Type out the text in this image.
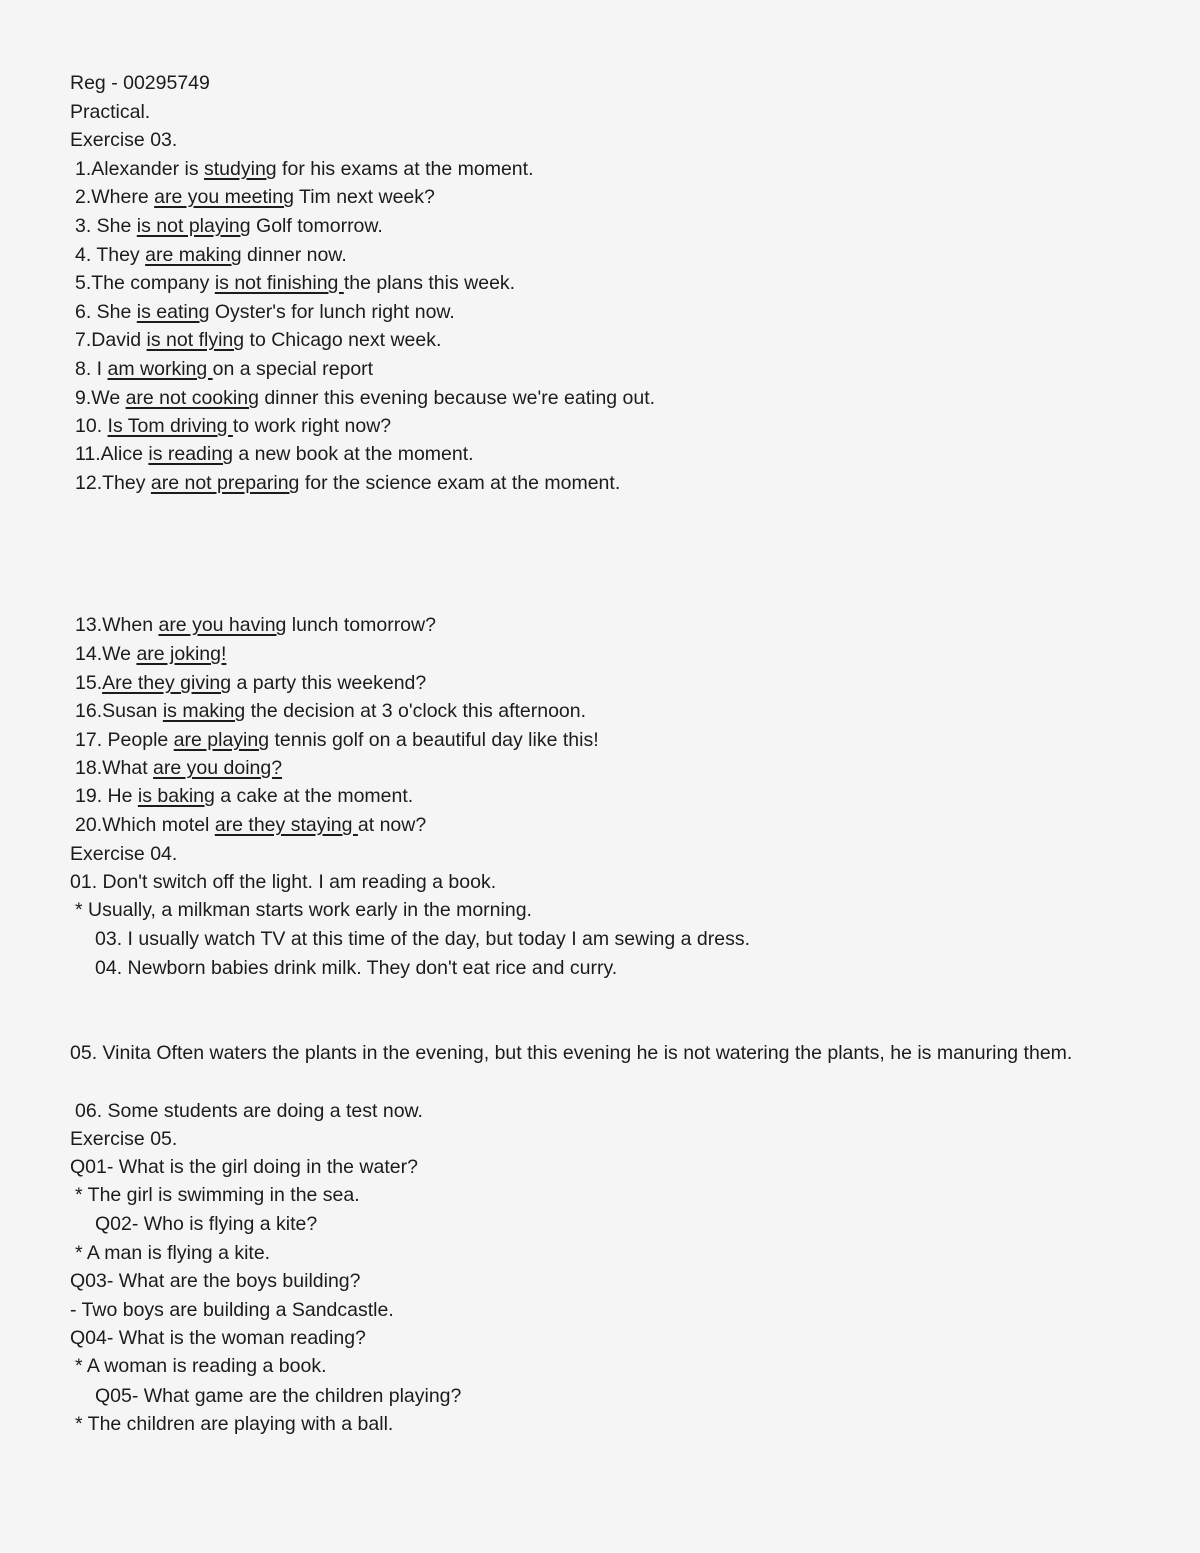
Reg - 00295749
Practical.
Exercise 03.
1.Alexander is studying for his exams at the moment.
2.Where are you meeting Tim next week?
3. She is not playing Golf tomorrow.
4. They are making dinner now.
5.The company is not finishing the plans this week.
6. She is eating Oyster's for lunch right now.
7.David is not flying to Chicago next week.
8. I am working on a special report
9.We are not cooking dinner this evening because we're eating out.
10. Is Tom driving to work right now?
11.Alice is reading a new book at the moment.
12.They are not preparing for the science exam at the moment.
13.When are you having lunch tomorrow?
14.We are joking!
15.Are they giving a party this weekend?
16.Susan is making the decision at 3 o'clock this afternoon.
17. People are playing tennis golf on a beautiful day like this!
18.What are you doing?
19. He is baking a cake at the moment.
20.Which motel are they staying at now?
Exercise 04.
01. Don't switch off the light. I am reading a book.
* Usually, a milkman starts work early in the morning.
03. I usually watch TV at this time of the day, but today I am sewing a dress.
04. Newborn babies drink milk. They don't eat rice and curry.
05. Vinita Often waters the plants in the evening, but this evening he is not watering the plants, he is manuring them.
06. Some students are doing a test now.
Exercise 05.
Q01- What is the girl doing in the water?
* The girl is swimming in the sea.
Q02- Who is flying a kite?
* A man is flying a kite.
Q03- What are the boys building?
- Two boys are building a Sandcastle.
Q04- What is the woman reading?
* A woman is reading a book.
Q05- What game are the children playing?
* The children are playing with a ball.
